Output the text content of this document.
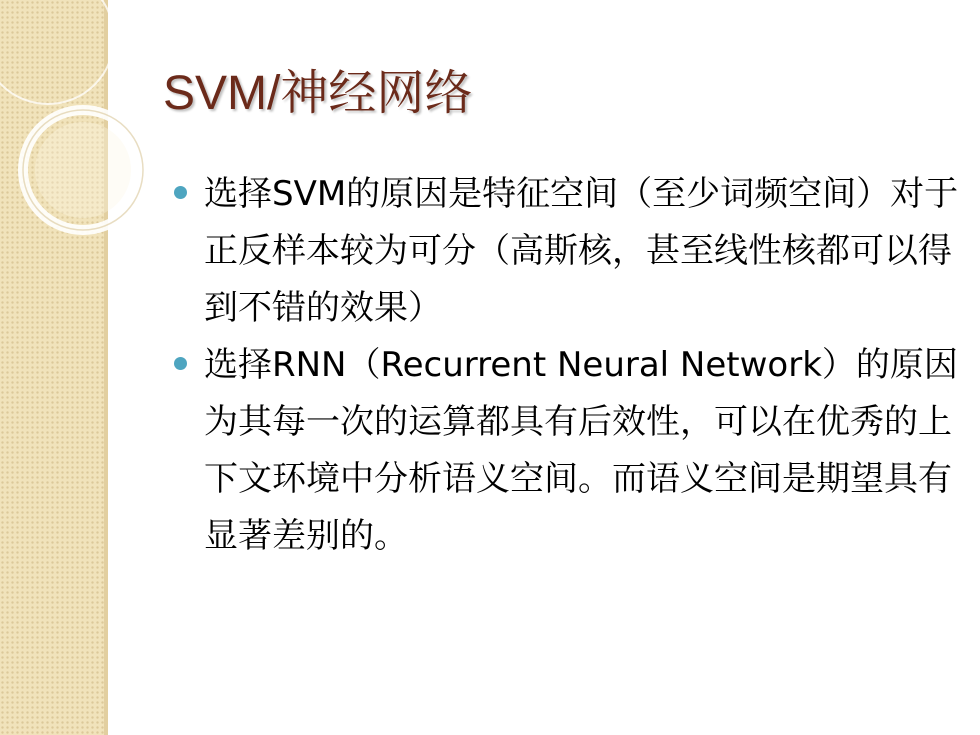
SVM/神经网络
选择SVM的原因是特征空间（至少词频空间）对于正反样本较为可分（高斯核，甚至线性核都可以得到不错的效果）
选择RNN（Recurrent Neural Network）的原因为其每一次的运算都具有后效性，可以在优秀的上下文环境中分析语义空间。而语义空间是期望具有显著差别的。
